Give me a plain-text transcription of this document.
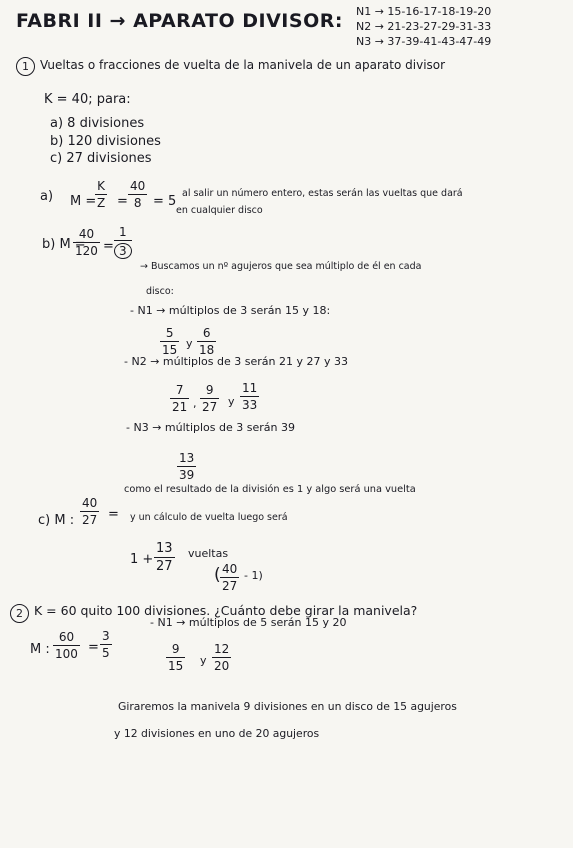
FABRI II → APARATO DIVISOR: N1 → 15-16-17-18-19-20
N2 → 21-23-27-29-31-33
N3 → 37-39-41-43-47-49
1 Vueltas o fracciones de vuelta de la manivela de un aparato divisor
K = 40; para:
a) 8 divisiones
b) 120 divisiones
c) 27 divisiones
a) M =
K
Z =
40
8 = 5
al salir un número entero, estas serán las vueltas que dará
en cualquier disco
b) M =
40
$120 = \frac{1}{3}$
→ Buscamos un nº agujeros que sea múltiplo de él en cada
disco:
- N1 → múltiplos de 3 serán 15 y 18:
5
15 y
6
18
- N2 → múltiplos de 3 serán 21 y 27 y 33
7
21 ,
9
27 y
11
33
- N3 → múltiplos de 3 serán 39
13
39
c) M :
40
27 =
como el resultado de la división es 1 y algo será una vuelta
y un cálculo de vuelta luego será
1 +
13
27
vueltas
( 40
27
- 1)
2 K = 60 quito 100 divisiones. ¿Cuánto debe girar la manivela?
M :
60
100 =
3
5
- N1 → múltiplos de 5 serán 15 y 20
9
15 y
12
20
Giraremos la manivela 9 divisiones en un disco de 15 agujeros
y 12 divisiones en uno de 20 agujeros
